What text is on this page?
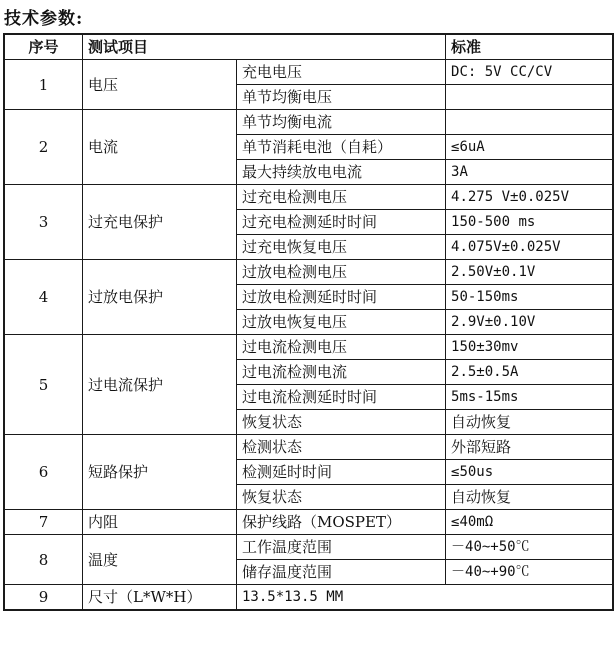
技术参数:
序号	测试项目		标准
1	电压	充电电压	DC: 5V CC/CV
		单节均衡电压	
2	电流	单节均衡电流	
		单节消耗电池（自耗）	≤6uA
		最大持续放电电流	3A
3	过充电保护	过充电检测电压	4.275 V±0.025V
		过充电检测延时时间	150-500 ms
		过充电恢复电压	4.075V±0.025V
4	过放电保护	过放电检测电压	2.50V±0.1V
		过放电检测延时时间	50-150ms
		过放电恢复电压	2.9V±0.10V
5	过电流保护	过电流检测电压	150±30mv
		过电流检测电流	2.5±0.5A
		过电流检测延时时间	5ms-15ms
		恢复状态	自动恢复
6	短路保护	检测状态	外部短路
		检测延时时间	≤50us
		恢复状态	自动恢复
7	内阻	保护线路（MOSPET）	≤40mΩ
8	温度	工作温度范围	－40~+50℃
		储存温度范围	－40~+90℃
9	尺寸（L*W*H）	13.5*13.5 MM	
